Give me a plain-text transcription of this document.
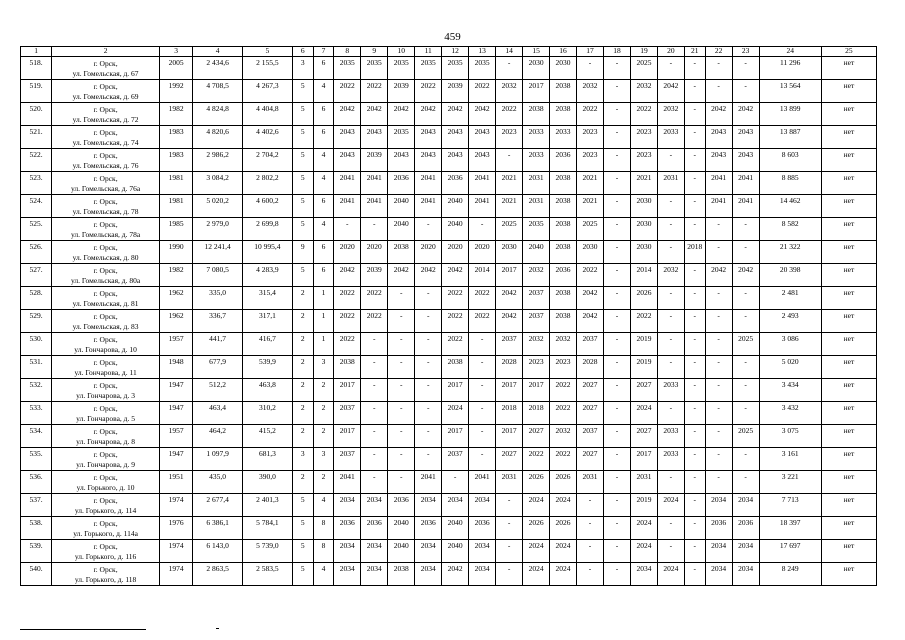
459
1	2	3	4	5	6	7	8	9	10	11	12	13	14	15	16	17	18	19	20	21	22	23	24	25
518.	г. Орск,
ул. Гомельская, д. 67	2005	2 434,6	2 155,5	3	6	2035	2035	2035	2035	2035	2035	-	2030	2030	-	-	2025	-	-	-	-	11 296	нет
519.	г. Орск,
ул. Гомельская, д. 69	1992	4 708,5	4 267,3	5	4	2022	2022	2039	2022	2039	2022	2032	2017	2038	2032	-	2032	2042	-	-	-	13 564	нет
520.	г. Орск,
ул. Гомельская, д. 72	1982	4 824,8	4 404,8	5	6	2042	2042	2042	2042	2042	2042	2022	2038	2038	2022	-	2022	2032	-	2042	2042	13 899	нет
521.	г. Орск,
ул. Гомельская, д. 74	1983	4 820,6	4 402,6	5	6	2043	2043	2035	2043	2043	2043	2023	2033	2033	2023	-	2023	2033	-	2043	2043	13 887	нет
522.	г. Орск,
ул. Гомельская, д. 76	1983	2 986,2	2 704,2	5	4	2043	2039	2043	2043	2043	2043	-	2033	2036	2023	-	2023	-	-	2043	2043	8 603	нет
523.	г. Орск,
ул. Гомельская, д. 76а	1981	3 084,2	2 802,2	5	4	2041	2041	2036	2041	2036	2041	2021	2031	2038	2021	-	2021	2031	-	2041	2041	8 885	нет
524.	г. Орск,
ул. Гомельская, д. 78	1981	5 020,2	4 600,2	5	6	2041	2041	2040	2041	2040	2041	2021	2031	2038	2021	-	2030	-	-	2041	2041	14 462	нет
525.	г. Орск,
ул. Гомельская, д. 78а	1985	2 979,0	2 699,8	5	4	-	-	2040	-	2040	-	2025	2035	2038	2025	-	2030	-	-	-	-	8 582	нет
526.	г. Орск,
ул. Гомельская, д. 80	1990	12 241,4	10 995,4	9	6	2020	2020	2038	2020	2020	2020	2030	2040	2038	2030	-	2030	-	2018	-	-	21 322	нет
527.	г. Орск,
ул. Гомельская, д. 80а	1982	7 080,5	4 283,9	5	6	2042	2039	2042	2042	2042	2014	2017	2032	2036	2022	-	2014	2032	-	2042	2042	20 398	нет
528.	г. Орск,
ул. Гомельская, д. 81	1962	335,0	315,4	2	1	2022	2022	-	-	2022	2022	2042	2037	2038	2042	-	2026	-	-	-	-	2 481	нет
529.	г. Орск,
ул. Гомельская, д. 83	1962	336,7	317,1	2	1	2022	2022	-	-	2022	2022	2042	2037	2038	2042	-	2022	-	-	-	-	2 493	нет
530.	г. Орск,
ул. Гончарова, д. 10	1957	441,7	416,7	2	1	2022	-	-	-	2022	-	2037	2032	2032	2037	-	2019	-	-	-	2025	3 086	нет
531.	г. Орск,
ул. Гончарова, д. 11	1948	677,9	539,9	2	3	2038	-	-	-	2038	-	2028	2023	2023	2028	-	2019	-	-	-	-	5 020	нет
532.	г. Орск,
ул. Гончарова, д. 3	1947	512,2	463,8	2	2	2017	-	-	-	2017	-	2017	2017	2022	2027	-	2027	2033	-	-	-	3 434	нет
533.	г. Орск,
ул. Гончарова, д. 5	1947	463,4	310,2	2	2	2037	-	-	-	2024	-	2018	2018	2022	2027	-	2024	-	-	-	-	3 432	нет
534.	г. Орск,
ул. Гончарова, д. 8	1957	464,2	415,2	2	2	2017	-	-	-	2017	-	2017	2027	2032	2037	-	2027	2033	-	-	2025	3 075	нет
535.	г. Орск,
ул. Гончарова, д. 9	1947	1 097,9	681,3	3	3	2037	-	-	-	2037	-	2027	2022	2022	2027	-	2017	2033	-	-	-	3 161	нет
536.	г. Орск,
ул. Горького, д. 10	1951	435,0	390,0	2	2	2041	-	-	2041	-	2041	2031	2026	2026	2031	-	2031	-	-	-	-	3 221	нет
537.	г. Орск,
ул. Горького, д. 114	1974	2 677,4	2 401,3	5	4	2034	2034	2036	2034	2034	2034	-	2024	2024	-	-	2019	2024	-	2034	2034	7 713	нет
538.	г. Орск,
ул. Горького, д. 114а	1976	6 386,1	5 784,1	5	8	2036	2036	2040	2036	2040	2036	-	2026	2026	-	-	2024	-	-	2036	2036	18 397	нет
539.	г. Орск,
ул. Горького, д. 116	1974	6 143,0	5 739,0	5	8	2034	2034	2040	2034	2040	2034	-	2024	2024	-	-	2024	-	-	2034	2034	17 697	нет
540.	г. Орск,
ул. Горького, д. 118	1974	2 863,5	2 583,5	5	4	2034	2034	2038	2034	2042	2034	-	2024	2024	-	-	2034	2024	-	2034	2034	8 249	нет
